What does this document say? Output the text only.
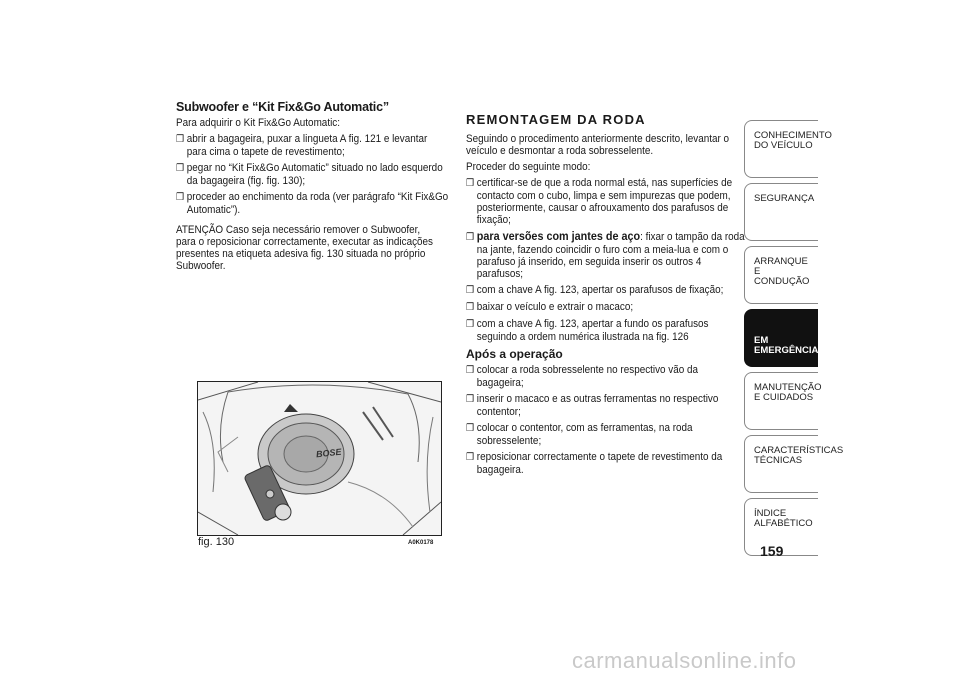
Subwoofer e “Kit Fix&Go Automatic”
Para adquirir o Kit Fix&Go Automatic:
❒ abrir a bagageira, puxar a lingueta A fig. 121 e levantar para cima o tapete de revestimento;
❒ pegar no “Kit Fix&Go Automatic” situado no lado esquerdo da bagageira (fig. fig. 130);
❒ proceder ao enchimento da roda (ver parágrafo “Kit Fix&Go Automatic”).
ATENÇÃO Caso seja necessário remover o Subwoofer, para o reposicionar correctamente, executar as indicações presentes na etiqueta adesiva fig. 130 situada no próprio Subwoofer.
BOSE
fig. 130	A0K0178
REMONTAGEM DA RODA
Seguindo o procedimento anteriormente descrito, levantar o veículo e desmontar a roda sobresselente.
Proceder do seguinte modo:
❒ certificar-se de que a roda normal está, nas superfícies de contacto com o cubo, limpa e sem impurezas que podem, posteriormente, causar o afrouxamento dos parafusos de fixação;
❒ para versões com jantes de aço: fixar o tampão da roda na jante, fazendo coincidir o furo com a meia-lua e com o parafuso já inserido, em seguida inserir os outros 4 parafusos;
❒ com a chave A fig. 123, apertar os parafusos de fixação;
❒ baixar o veículo e extrair o macaco;
❒ com a chave A fig. 123, apertar a fundo os parafusos seguindo a ordem numérica ilustrada na fig. 126
Após a operação
❒ colocar a roda sobresselente no respectivo vão da bagageira;
❒ inserir o macaco e as outras ferramentas no respectivo contentor;
❒ colocar o contentor, com as ferramentas, na roda sobresselente;
❒ reposicionar correctamente o tapete de revestimento da bagageira.
CONHECIMENTO DO VEÍCULO
SEGURANÇA
ARRANQUE E CONDUÇÃO
EM EMERGÊNCIA
MANUTENÇÃO E CUIDADOS
CARACTERÍSTICAS TÉCNICAS
ÍNDICE ALFABÉTICO
159
carmanualsonline.info
